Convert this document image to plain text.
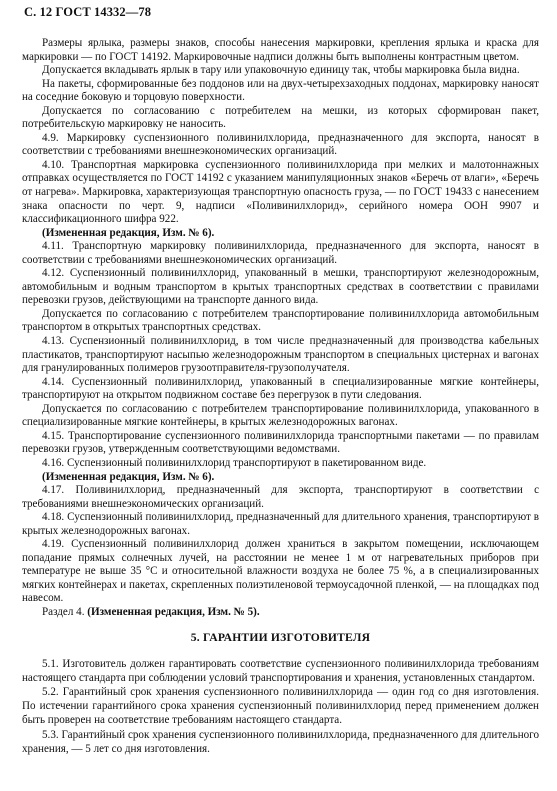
С. 12 ГОСТ 14332—78

Размеры ярлыка, размеры знаков, способы нанесения маркировки, крепления ярлыка и краска для маркировки — по ГОСТ 14192. Маркировочные надписи должны быть выполнены контрастным цветом.

Допускается вкладывать ярлык в тару или упаковочную единицу так, чтобы маркировка была видна.

На пакеты, сформированные без поддонов или на двух-четырехзаходных поддонах, маркировку наносят на соседние боковую и торцовую поверхности.

Допускается по согласованию с потребителем на мешки, из которых сформирован пакет, потребительскую маркировку не наносить.

4.9. Маркировку суспензионного поливинилхлорида, предназначенного для экспорта, наносят в соответствии с требованиями внешнеэкономических организаций.

4.10. Транспортная маркировка суспензионного поливинилхлорида при мелких и малотоннажных отправках осуществляется по ГОСТ 14192 с указанием манипуляционных знаков «Беречь от влаги», «Беречь от нагрева». Маркировка, характеризующая транспортную опасность груза, — по ГОСТ 19433 с нанесением знака опасности по черт. 9, надписи «Поливинилхлорид», серийного номера ООН 9907 и классификационного шифра 922.

(Измененная редакция, Изм. № 6).

4.11. Транспортную маркировку поливинилхлорида, предназначенного для экспорта, наносят в соответствии с требованиями внешнеэкономических организаций.

4.12. Суспензионный поливинилхлорид, упакованный в мешки, транспортируют железнодорожным, автомобильным и водным транспортом в крытых транспортных средствах в соответствии с правилами перевозки грузов, действующими на транспорте данного вида.

Допускается по согласованию с потребителем транспортирование поливинилхлорида автомобильным транспортом в открытых транспортных средствах.

4.13. Суспензионный поливинилхлорид, в том числе предназначенный для производства кабельных пластикатов, транспортируют насыпью железнодорожным транспортом в специальных цистернах и вагонах для гранулированных полимеров грузоотправителя-грузополучателя.

4.14. Суспензионный поливинилхлорид, упакованный в специализированные мягкие контейнеры, транспортируют на открытом подвижном составе без перегрузок в пути следования.

Допускается по согласованию с потребителем транспортирование поливинилхлорида, упакованного в специализированные мягкие контейнеры, в крытых железнодорожных вагонах.

4.15. Транспортирование суспензионного поливинилхлорида транспортными пакетами — по правилам перевозки грузов, утвержденным соответствующими ведомствами.

4.16. Суспензионный поливинилхлорид транспортируют в пакетированном виде.

(Измененная редакция, Изм. № 6).

4.17. Поливинилхлорид, предназначенный для экспорта, транспортируют в соответствии с требованиями внешнеэкономических организаций.

4.18. Суспензионный поливинилхлорид, предназначенный для длительного хранения, транспортируют в крытых железнодорожных вагонах.

4.19. Суспензионный поливинилхлорид должен храниться в закрытом помещении, исключающем попадание прямых солнечных лучей, на расстоянии не менее 1 м от нагревательных приборов при температуре не выше 35 °С и относительной влажности воздуха не более 75 %, а в специализированных мягких контейнерах и пакетах, скрепленных полиэтиленовой термоусадочной пленкой, — на площадках под навесом.

Раздел 4. (Измененная редакция, Изм. № 5).

5. ГАРАНТИИ ИЗГОТОВИТЕЛЯ

5.1. Изготовитель должен гарантировать соответствие суспензионного поливинилхлорида требованиям настоящего стандарта при соблюдении условий транспортирования и хранения, установленных стандартом.

5.2. Гарантийный срок хранения суспензионного поливинилхлорида — один год со дня изготовления. По истечении гарантийного срока хранения суспензионный поливинилхлорид перед применением должен быть проверен на соответствие требованиям настоящего стандарта.

5.3. Гарантийный срок хранения суспензионного поливинилхлорида, предназначенного для длительного хранения, — 5 лет со дня изготовления.
